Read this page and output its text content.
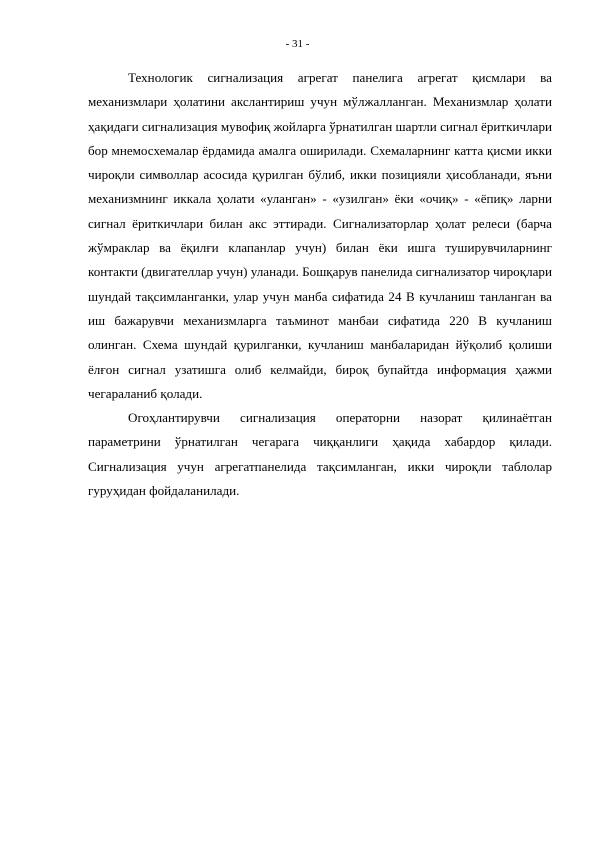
- 31 -

Технологик сигнализация агрегат панелига агрегат қисмлари ва механизмлари ҳолатини акслантириш учун мўлжалланган. Механизмлар ҳолати ҳақидаги сигнализация мувофиқ жойларга ўрнатилган шартли сигнал ёриткичлари бор мнемосхемалар ёрдамида амалга оширилади. Схемаларнинг катта қисми икки чироқли символлар асосида қурилган бўлиб, икки позицияли ҳисобланади, яъни механизмнинг иккала ҳолати «уланган» - «узилган» ёки «очиқ» - «ёпиқ» ларни сигнал ёриткичлари билан акс эттиради. Сигнализаторлар ҳолат релеси (барча жўмраклар ва ёқилғи клапанлар учун) билан ёки ишга туширувчиларнинг контакти (двигателлар учун) уланади. Бошқарув панелида сигнализатор чироқлари шундай тақсимланганки, улар учун манба сифатида 24 В кучланиш танланган ва иш бажарувчи механизмларга таъминот манбаи сифатида 220 В кучланиш олинган. Схема шундай қурилганки, кучланиш манбаларидан йўқолиб қолиши ёлғон сигнал узатишга олиб келмайди, бироқ бупайтда информация ҳажми чегараланиб қолади.

Огоҳлантирувчи сигнализация операторни назорат қилинаётган параметрини ўрнатилган чегарага чиққанлиги ҳақида хабардор қилади. Сигнализация учун агрегатпанелида тақсимланган, икки чироқли таблолар гуруҳидан фойдаланилади.
